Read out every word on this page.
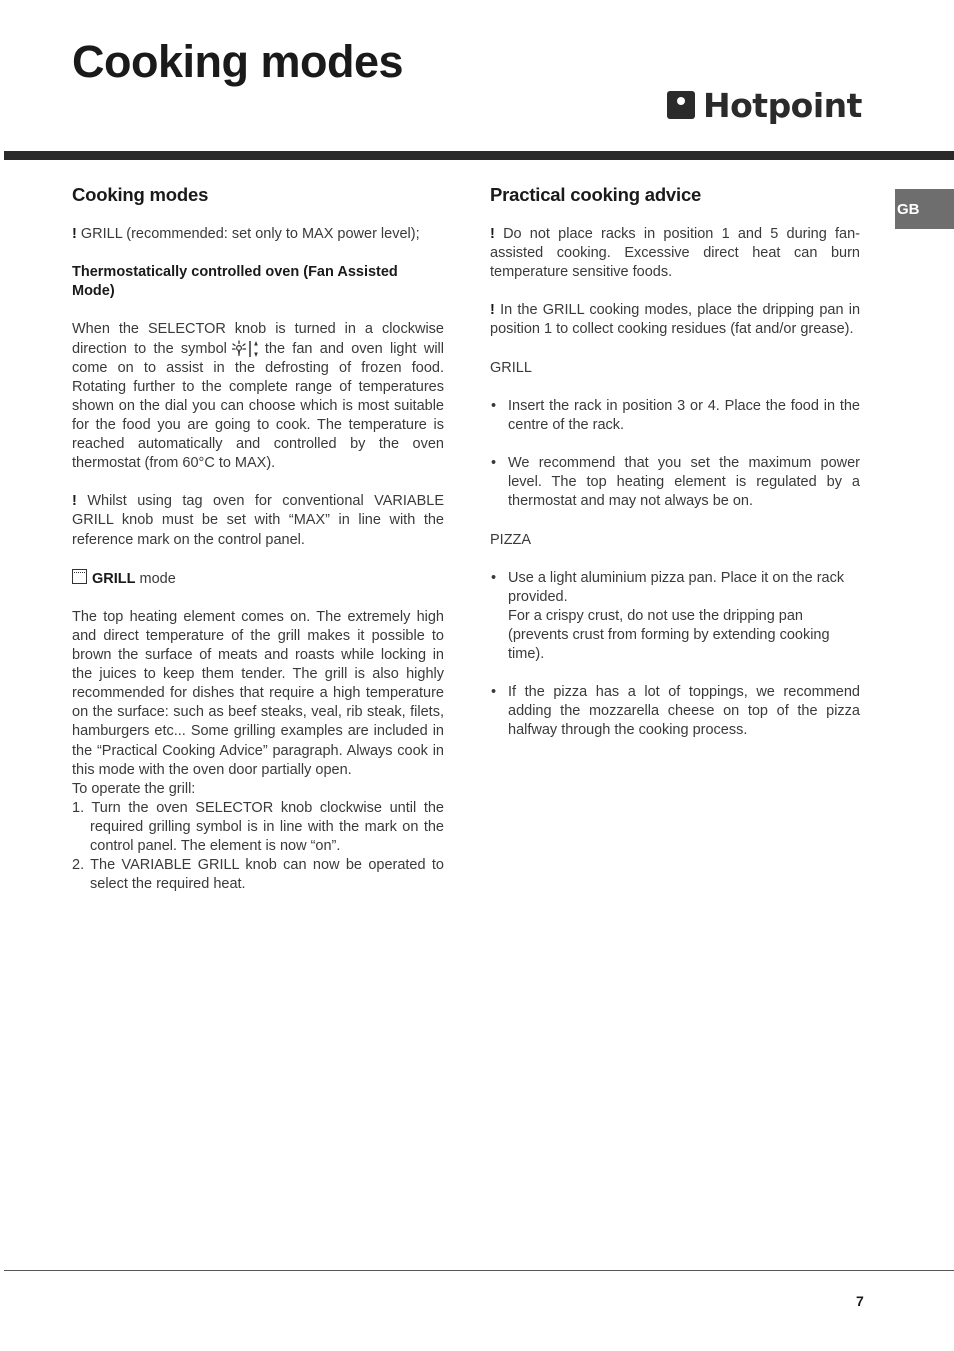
Cooking modes
Hotpoint
GB
Cooking modes

! GRILL (recommended: set only to MAX power level);

Thermostatically controlled oven (Fan Assisted Mode)

When the SELECTOR knob is turned in a clockwise direction to the symbol	the fan and oven light will come on to assist in the defrosting of frozen food. Rotating further to the complete range of temperatures shown on the dial you can choose which is most suitable for the food you are going to cook. The temperature is reached automatically and controlled by the oven thermostat (from 60°C to MAX).

! Whilst using tag oven for conventional VARIABLE GRILL knob must be set with “MAX” in line with the reference mark on the control panel.

GRILL mode

The top heating element comes on. The extremely high and direct temperature of the grill makes it possible to brown the surface of meats and roasts while locking in the juices to keep them tender. The grill is also highly recommended for dishes that require a high temperature on the surface: such as beef steaks, veal, rib steak, filets, hamburgers etc... Some grilling examples are included in the “Practical Cooking Advice” paragraph. Always cook in this mode with the oven door partially open.

To operate the grill:

1. Turn the oven SELECTOR knob clockwise until the required grilling symbol is in line with the mark on the control panel. The element is now “on”.
2. The VARIABLE GRILL knob can now be operated to select the required heat.
Practical cooking advice

! Do not place racks in position 1 and 5 during fan-assisted cooking. Excessive direct heat can burn temperature sensitive foods.

! In the GRILL cooking modes, place the dripping pan in position 1 to collect cooking residues (fat and/or grease).

GRILL

• Insert the rack in position 3 or 4. Place the food in the centre of the rack.
• We recommend that you set the maximum power level. The top heating element is regulated by a thermostat and may not always be on.

PIZZA

• Use a light aluminium pizza pan. Place it on the rack provided.
For a crispy crust, do not use the dripping pan (prevents crust from forming by extending cooking time).
• If the pizza has a lot of toppings, we recommend adding the mozzarella cheese on top of the pizza halfway through the cooking process.
7
